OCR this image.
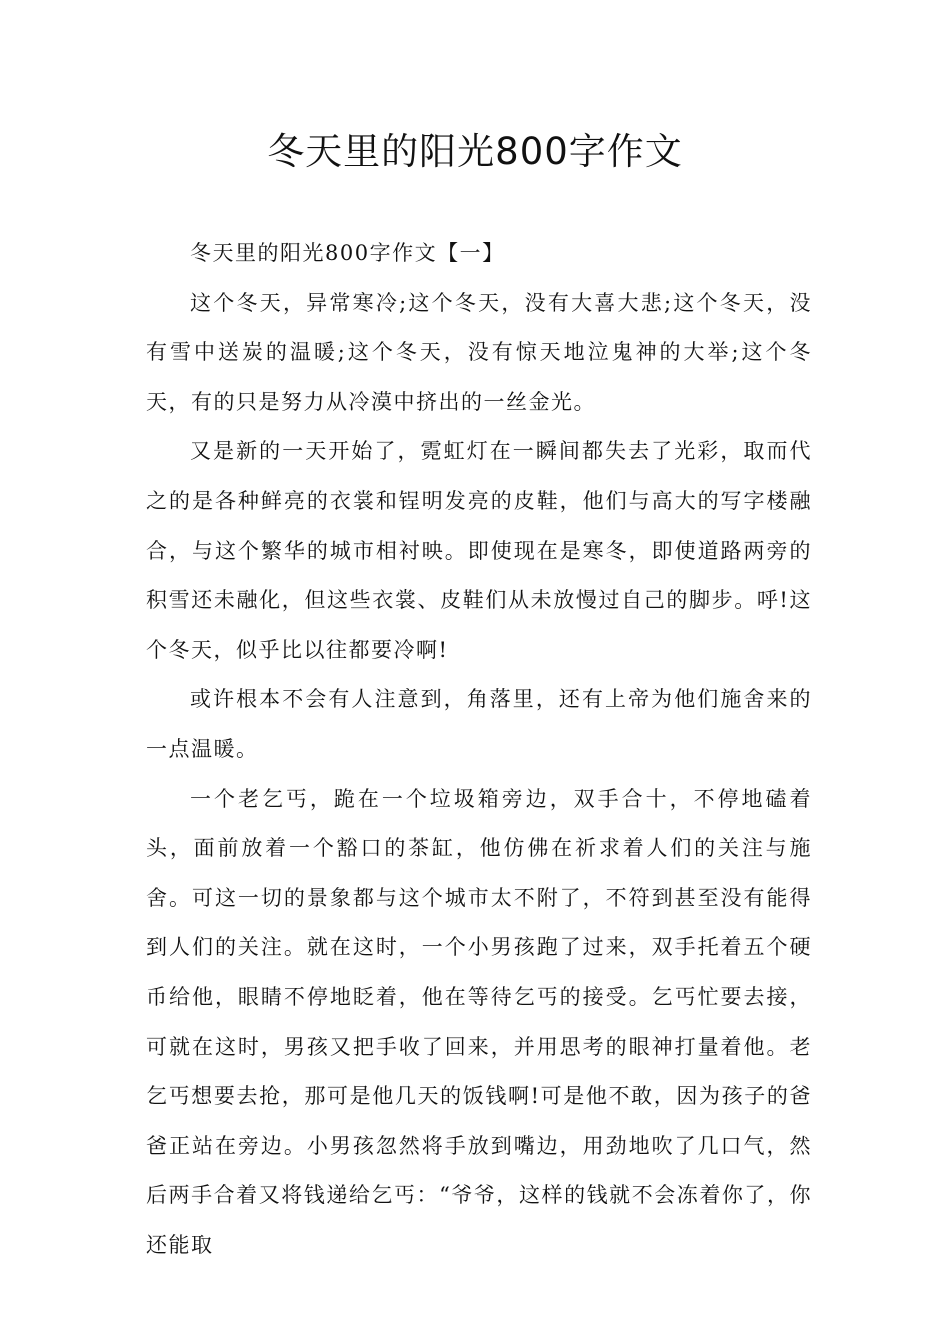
冬天里的阳光800字作文

冬天里的阳光800字作文【一】

这个冬天，异常寒冷;这个冬天，没有大喜大悲;这个冬天，没有雪中送炭的温暖;这个冬天，没有惊天地泣鬼神的大举;这个冬天，有的只是努力从冷漠中挤出的一丝金光。

又是新的一天开始了，霓虹灯在一瞬间都失去了光彩，取而代之的是各种鲜亮的衣裳和锃明发亮的皮鞋，他们与高大的写字楼融合，与这个繁华的城市相衬映。即使现在是寒冬，即使道路两旁的积雪还未融化，但这些衣裳、皮鞋们从未放慢过自己的脚步。呼!这个冬天，似乎比以往都要冷啊!

或许根本不会有人注意到，角落里，还有上帝为他们施舍来的一点温暖。

一个老乞丐，跪在一个垃圾箱旁边，双手合十，不停地磕着头，面前放着一个豁口的茶缸，他仿佛在祈求着人们的关注与施舍。可这一切的景象都与这个城市太不附了，不符到甚至没有能得到人们的关注。就在这时，一个小男孩跑了过来，双手托着五个硬币给他，眼睛不停地眨着，他在等待乞丐的接受。乞丐忙要去接，可就在这时，男孩又把手收了回来，并用思考的眼神打量着他。老乞丐想要去抢，那可是他几天的饭钱啊!可是他不敢，因为孩子的爸爸正站在旁边。小男孩忽然将手放到嘴边，用劲地吹了几口气，然后两手合着又将钱递给乞丐：“爷爷，这样的钱就不会冻着你了，你还能取
